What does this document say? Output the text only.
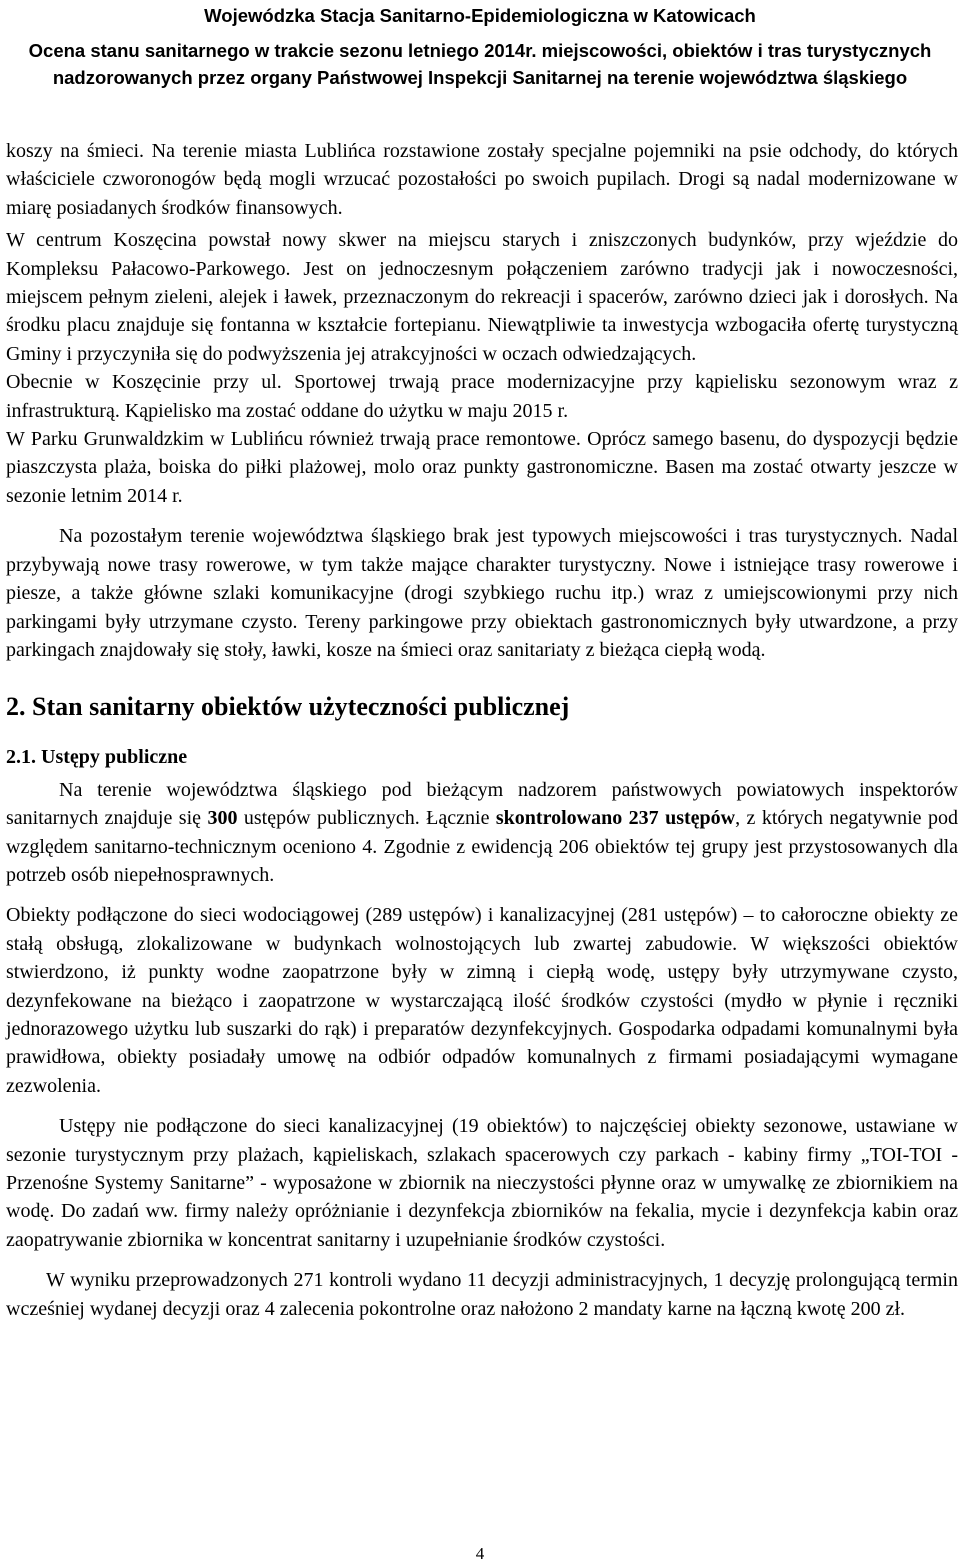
Wojewódzka Stacja Sanitarno-Epidemiologiczna w Katowicach
Ocena stanu sanitarnego w trakcie sezonu letniego 2014r. miejscowości, obiektów i tras turystycznych nadzorowanych przez organy Państwowej Inspekcji Sanitarnej na terenie województwa śląskiego

koszy na śmieci. Na terenie miasta Lublińca rozstawione zostały specjalne pojemniki na psie odchody, do których właściciele czworonogów będą mogli wrzucać pozostałości po swoich pupilach. Drogi są nadal modernizowane w miarę posiadanych środków finansowych.

W centrum Koszęcina powstał nowy skwer na miejscu starych i zniszczonych budynków, przy wjeździe do Kompleksu Pałacowo-Parkowego. Jest on jednoczesnym połączeniem zarówno tradycji jak i nowoczesności, miejscem pełnym zieleni, alejek i ławek, przeznaczonym do rekreacji i spacerów, zarówno dzieci jak i dorosłych. Na środku placu znajduje się fontanna w kształcie fortepianu. Niewątpliwie ta inwestycja wzbogaciła ofertę turystyczną Gminy i przyczyniła się do podwyższenia jej atrakcyjności w oczach odwiedzających.

Obecnie w Koszęcinie przy ul. Sportowej trwają prace modernizacyjne przy kąpielisku sezonowym wraz z infrastrukturą. Kąpielisko ma zostać oddane do użytku w maju 2015 r.

W Parku Grunwaldzkim w Lublińcu również trwają prace remontowe. Oprócz samego basenu, do dyspozycji będzie piaszczysta plaża, boiska do piłki plażowej, molo oraz punkty gastronomiczne. Basen ma zostać otwarty jeszcze w sezonie letnim 2014 r.

Na pozostałym terenie województwa śląskiego brak jest typowych miejscowości i tras turystycznych. Nadal przybywają nowe trasy rowerowe, w tym także mające charakter turystyczny. Nowe i istniejące trasy rowerowe i piesze, a także główne szlaki komunikacyjne (drogi szybkiego ruchu itp.) wraz z umiejscowionymi przy nich parkingami były utrzymane czysto. Tereny parkingowe przy obiektach gastronomicznych były utwardzone, a przy parkingach znajdowały się stoły, ławki, kosze na śmieci oraz sanitariaty z bieżąca ciepłą wodą.

2. Stan sanitarny obiektów użyteczności publicznej

2.1. Ustępy publiczne

Na terenie województwa śląskiego pod bieżącym nadzorem państwowych powiatowych inspektorów sanitarnych znajduje się 300 ustępów publicznych. Łącznie skontrolowano 237 ustępów, z których negatywnie pod względem sanitarno-technicznym oceniono 4. Zgodnie z ewidencją 206 obiektów tej grupy jest przystosowanych dla potrzeb osób niepełnosprawnych.

Obiekty podłączone do sieci wodociągowej (289 ustępów) i kanalizacyjnej (281 ustępów) – to całoroczne obiekty ze stałą obsługą, zlokalizowane w budynkach wolnostojących lub zwartej zabudowie. W większości obiektów stwierdzono, iż punkty wodne zaopatrzone były w zimną i ciepłą wodę, ustępy były utrzymywane czysto, dezynfekowane na bieżąco i zaopatrzone w wystarczającą ilość środków czystości (mydło w płynie i ręczniki jednorazowego użytku lub suszarki do rąk) i preparatów dezynfekcyjnych. Gospodarka odpadami komunalnymi była prawidłowa, obiekty posiadały umowę na odbiór odpadów komunalnych z firmami posiadającymi wymagane zezwolenia.

Ustępy nie podłączone do sieci kanalizacyjnej (19 obiektów) to najczęściej obiekty sezonowe, ustawiane w sezonie turystycznym przy plażach, kąpieliskach, szlakach spacerowych czy parkach - kabiny firmy „TOI-TOI - Przenośne Systemy Sanitarne” - wyposażone w zbiornik na nieczystości płynne oraz w umywalkę ze zbiornikiem na wodę. Do zadań ww. firmy należy opróżnianie i dezynfekcja zbiorników na fekalia, mycie i dezynfekcja kabin oraz zaopatrywanie zbiornika w koncentrat sanitarny i uzupełnianie środków czystości.

W wyniku przeprowadzonych 271 kontroli wydano 11 decyzji administracyjnych, 1 decyzję prolongującą termin wcześniej wydanej decyzji oraz 4 zalecenia pokontrolne oraz nałożono 2 mandaty karne na łączną kwotę 200 zł.

4
